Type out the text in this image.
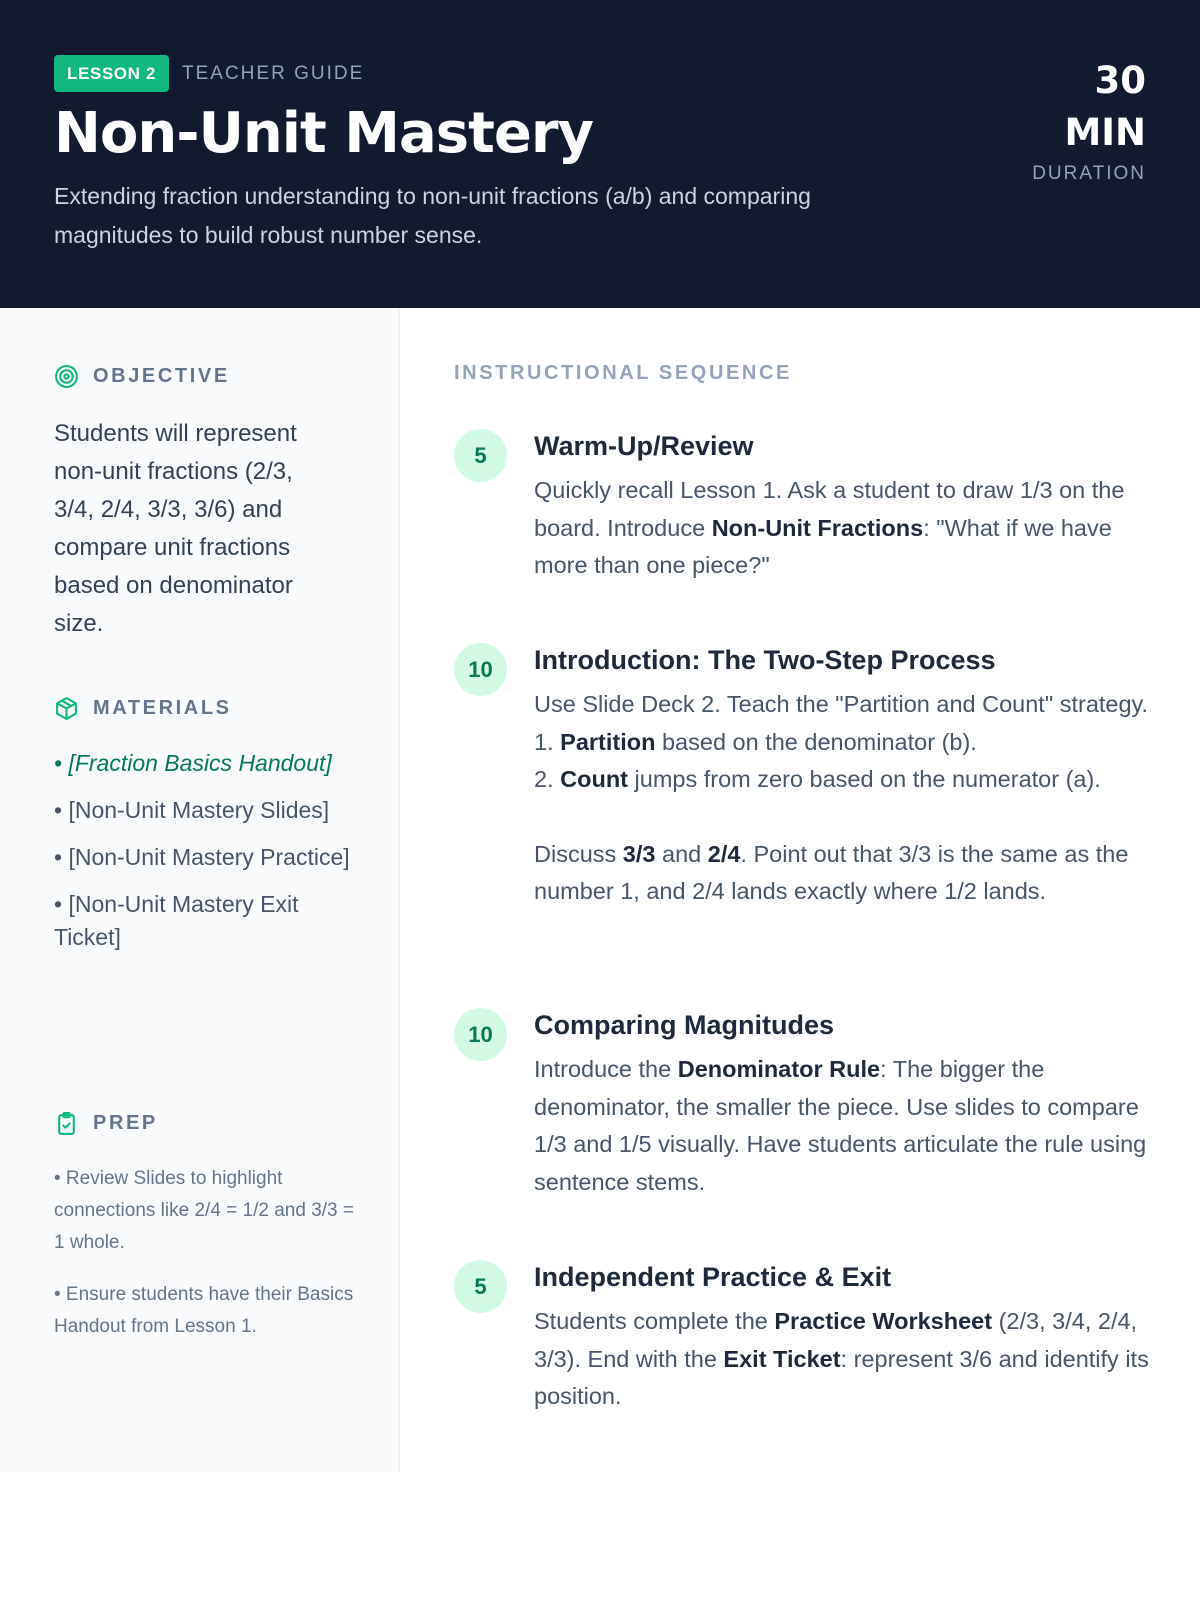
LESSON 2	TEACHER GUIDE
Non-Unit Mastery
Extending fraction understanding to non-unit fractions (a/b) and comparing magnitudes to build robust number sense.
30
MIN
DURATION
OBJECTIVE
Students will represent non-unit fractions (2/3, 3/4, 2/4, 3/3, 3/6) and compare unit fractions based on denominator size.
MATERIALS
• [Fraction Basics Handout]
• [Non-Unit Mastery Slides]
• [Non-Unit Mastery Practice]
• [Non-Unit Mastery Exit Ticket]
PREP
• Review Slides to highlight connections like 2/4 = 1/2 and 3/3 = 1 whole.
• Ensure students have their Basics Handout from Lesson 1.
INSTRUCTIONAL SEQUENCE
5	Warm-Up/Review
Quickly recall Lesson 1. Ask a student to draw 1/3 on the board. Introduce Non-Unit Fractions: "What if we have more than one piece?"
10	Introduction: The Two-Step Process
Use Slide Deck 2. Teach the "Partition and Count" strategy.
1. Partition based on the denominator (b).
2. Count jumps from zero based on the numerator (a).
Discuss 3/3 and 2/4. Point out that 3/3 is the same as the number 1, and 2/4 lands exactly where 1/2 lands.
10	Comparing Magnitudes
Introduce the Denominator Rule: The bigger the denominator, the smaller the piece. Use slides to compare 1/3 and 1/5 visually. Have students articulate the rule using sentence stems.
5	Independent Practice & Exit
Students complete the Practice Worksheet (2/3, 3/4, 2/4, 3/3). End with the Exit Ticket: represent 3/6 and identify its position.
